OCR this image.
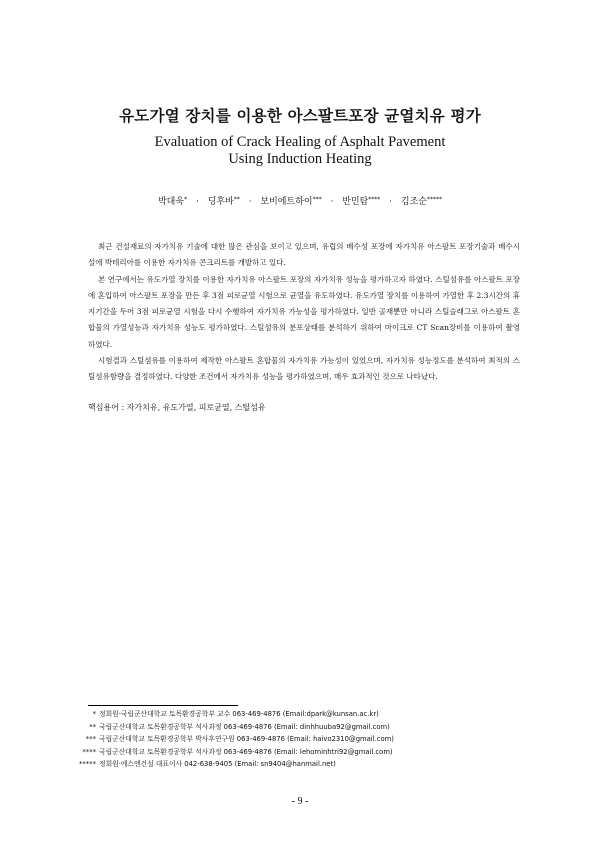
유도가열 장치를 이용한 아스팔트포장 균열치유 평가
Evaluation of Crack Healing of Asphalt Pavement
Using Induction Heating
박대욱* · 딩후바** · 보비에트하이*** · 반민탐**** · 김조순*****

최근 건설재료의 자가치유 기술에 대한 많은 관심을 보이고 있으며, 유럽의 배수성 포장에 자가치유 아스팔트 포장기술과 배수시설에 박테리아를 이용한 자가치유 콘크리트를 개발하고 있다.

본 연구에서는 유도가열 장치를 이용한 자가치유 아스팔트 포장의 자가치유 성능을 평가하고자 하였다. 스틸섬유를 아스팔트 포장에 혼입하여 아스팔트 포장을 만든 후 3점 피로균열 시험으로 균열을 유도하였다. 유도가열 장치를 이용하여 가열한 후 2.3시간의 휴지기간을 두어 3점 피로균열 시험을 다시 수행하여 자가치유 가능성을 평가하였다. 일반 골재뿐만 아니라 스틸슬래그로 아스팔트 혼합물의 가열성능과 자가치유 성능도 평가하였다. 스틸섬유의 분포상태를 분석하기 위하여 마이크로 CT Scan장비를 이용하여 촬영하였다.

시험결과 스틸섬유를 이용하여 제작한 아스팔트 혼합물의 자가치유 가능성이 있었으며, 자가치유 성능정도를 분석하여 최적의 스틸섬유함량을 결정하였다. 다양한 조건에서 자가치유 성능을 평가하였으며, 매우 효과적인 것으로 나타났다.

핵심용어 : 자가치유, 유도가열, 피로균열, 스틸섬유
* 정회원·국립군산대학교 토목환경공학부 교수 063-469-4876 (Email:dpark@kunsan.ac.kr)
** 국립군산대학교 토목환경공학부 석사과정 063-469-4876 (Email: dinhhuuba92@gmail.com)
*** 국립군산대학교 토목환경공학부 박사후연구원 063-469-4876 (Email: haivo2310@gmail.com)
**** 국립군산대학교 토목환경공학부 석사과정 063-469-4876 (Email: lehominhtri92@gmail.com)
***** 정회원·에스엔건설 대표이사 042-638-9405 (Email: sn9404@hanmail.net)
- 9 -
